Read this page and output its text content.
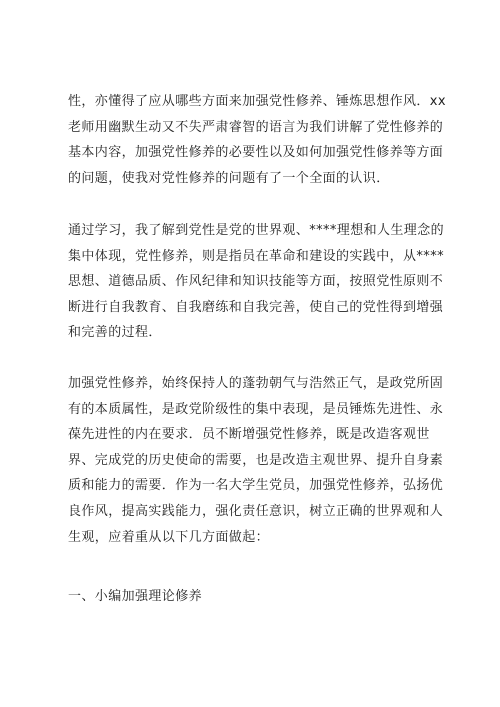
性，亦懂得了应从哪些方面来加强党性修养、锤炼思想作风．xx
老师用幽默生动又不失严肃睿智的语言为我们讲解了党性修养的
基本内容，加强党性修养的必要性以及如何加强党性修养等方面
的问题，使我对党性修养的问题有了一个全面的认识．
通过学习，我了解到党性是党的世界观、****理想和人生理念的
集中体现，党性修养，则是指员在革命和建设的实践中，从****
思想、道德品质、作风纪律和知识技能等方面，按照党性原则不
断进行自我教育、自我磨练和自我完善，使自己的党性得到增强
和完善的过程．
加强党性修养，始终保持人的蓬勃朝气与浩然正气，是政党所固
有的本质属性，是政党阶级性的集中表现，是员锤炼先进性、永
葆先进性的内在要求．员不断增强党性修养，既是改造客观世
界、完成党的历史使命的需要，也是改造主观世界、提升自身素
质和能力的需要．作为一名大学生党员，加强党性修养，弘扬优
良作风，提高实践能力，强化责任意识，树立正确的世界观和人
生观，应着重从以下几方面做起：
一、小编加强理论修养
